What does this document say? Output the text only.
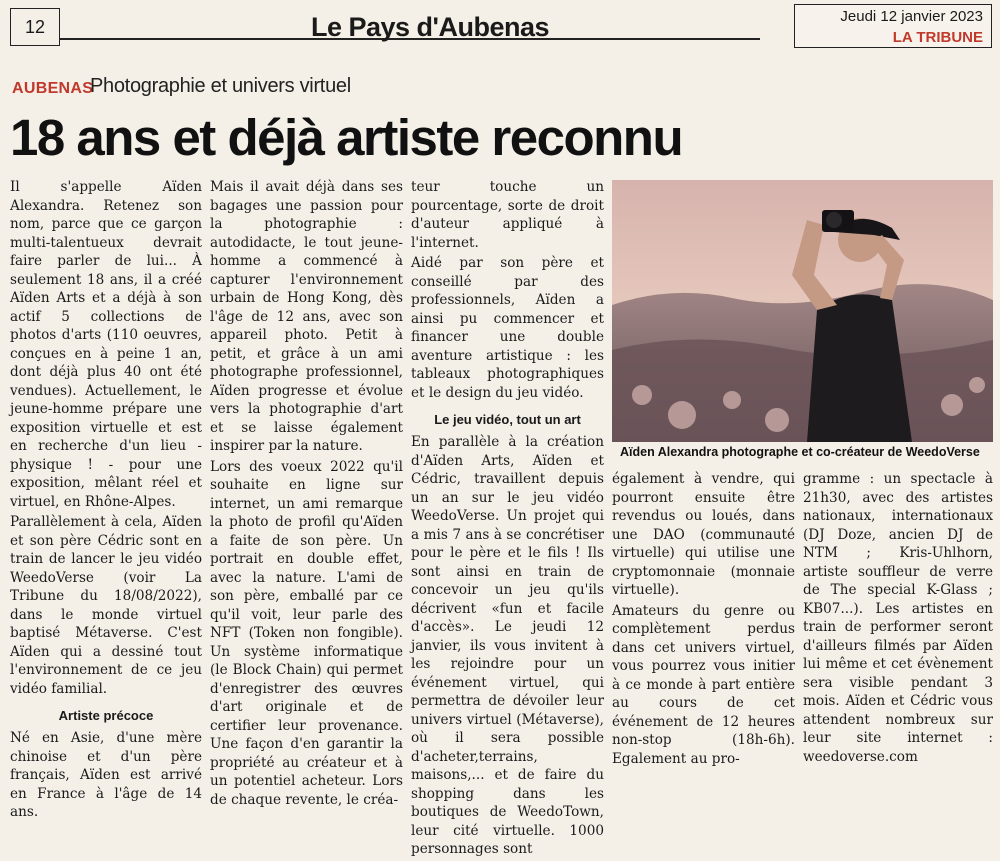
12	Le Pays d'Aubenas	Jeudi 12 janvier 2023
LA TRIBUNE
AUBENAS
Photographie et univers virtuel
18 ans et déjà artiste reconnu

Il s'appelle Aïden Alexandra. Retenez son nom, parce que ce garçon multi-talentueux devrait faire parler de lui... À seulement 18 ans, il a créé Aïden Arts et a déjà à son actif 5 collections de photos d'arts (110 oeuvres, conçues en à peine 1 an, dont déjà plus 40 ont été vendues). Actuellement, le jeune-homme prépare une exposition virtuelle et est en recherche d'un lieu - physique ! - pour une exposition, mêlant réel et virtuel, en Rhône-Alpes.

Parallèlement à cela, Aïden et son père Cédric sont en train de lancer le jeu vidéo WeedoVerse (voir La Tribune du 18/08/2022), dans le monde virtuel baptisé Métaverse. C'est Aïden qui a dessiné tout l'environnement de ce jeu vidéo familial.

Artiste précoce

Né en Asie, d'une mère chinoise et d'un père français, Aïden est arrivé en France à l'âge de 14 ans.

Mais il avait déjà dans ses bagages une passion pour la photographie : autodidacte, le tout jeune-homme a commencé à capturer l'environnement urbain de Hong Kong, dès l'âge de 12 ans, avec son appareil photo. Petit à petit, et grâce à un ami photographe professionnel, Aïden progresse et évolue vers la photographie d'art et se laisse également inspirer par la nature.

Lors des voeux 2022 qu'il souhaite en ligne sur internet, un ami remarque la photo de profil qu'Aïden a faite de son père. Un portrait en double effet, avec la nature. L'ami de son père, emballé par ce qu'il voit, leur parle des NFT (Token non fongible). Un système informatique (le Block Chain) qui permet d'enregistrer des œuvres d'art originale et de certifier leur provenance. Une façon d'en garantir la propriété au créateur et à un potentiel acheteur. Lors de chaque revente, le créa-

teur touche un pourcentage, sorte de droit d'auteur appliqué à l'internet.

Aidé par son père et conseillé par des professionnels, Aïden a ainsi pu commencer et financer une double aventure artistique : les tableaux photographiques et le design du jeu vidéo.

Le jeu vidéo, tout un art

En parallèle à la création d'Aïden Arts, Aïden et Cédric, travaillent depuis un an sur le jeu vidéo WeedoVerse. Un projet qui a mis 7 ans à se concrétiser pour le père et le fils ! Ils sont ainsi en train de concevoir un jeu qu'ils décrivent «fun et facile d'accès». Le jeudi 12 janvier, ils vous invitent à les rejoindre pour un événement virtuel, qui permettra de dévoiler leur univers virtuel (Métaverse), où il sera possible d'acheter,terrains, maisons,... et de faire du shopping dans les boutiques de WeedoTown, leur cité virtuelle. 1000 personnages sont

Aïden Alexandra photographe et co-créateur de WeedoVerse

également à vendre, qui pourront ensuite être revendus ou loués, dans une DAO (communauté virtuelle) qui utilise une cryptomonnaie (monnaie virtuelle).

Amateurs du genre ou complètement perdus dans cet univers virtuel, vous pourrez vous initier à ce monde à part entière au cours de cet événement de 12 heures non-stop (18h-6h). Egalement au pro-

gramme : un spectacle à 21h30, avec des artistes nationaux, internationaux (DJ Doze, ancien DJ de NTM ; Kris-Uhlhorn, artiste souffleur de verre de The special K-Glass ; KB07...). Les artistes en train de performer seront d'ailleurs filmés par Aïden lui même et cet évènement sera visible pendant 3 mois. Aïden et Cédric vous attendent nombreux sur leur site internet : weedoverse.com
